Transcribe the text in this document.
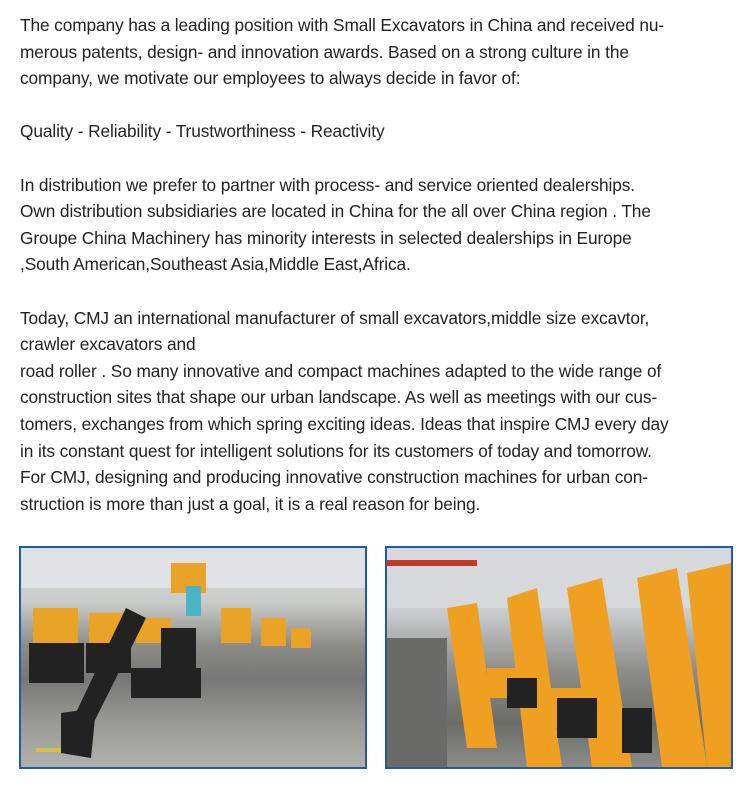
The company has a leading position with Small Excavators in China and received nu-
merous patents, design- and innovation awards. Based on a strong culture in the
company, we motivate our employees to always decide in favor of:
Quality - Reliability - Trustworthiness - Reactivity
In distribution we prefer to partner with process- and service oriented dealerships.
Own distribution subsidiaries are located in China for the all over China region . The
Groupe China Machinery has minority interests in selected dealerships in Europe
,South American,Southeast Asia,Middle East,Africa.
Today, CMJ an international manufacturer of small excavators,middle size excavtor,
crawler excavators and
road roller . So many innovative and compact machines adapted to the wide range of
construction sites that shape our urban landscape. As well as meetings with our cus-
tomers, exchanges from which spring exciting ideas. Ideas that inspire CMJ every day
in its constant quest for intelligent solutions for its customers of today and tomorrow.
For CMJ, designing and producing innovative construction machines for urban con-
struction is more than just a goal, it is a real reason for being.
